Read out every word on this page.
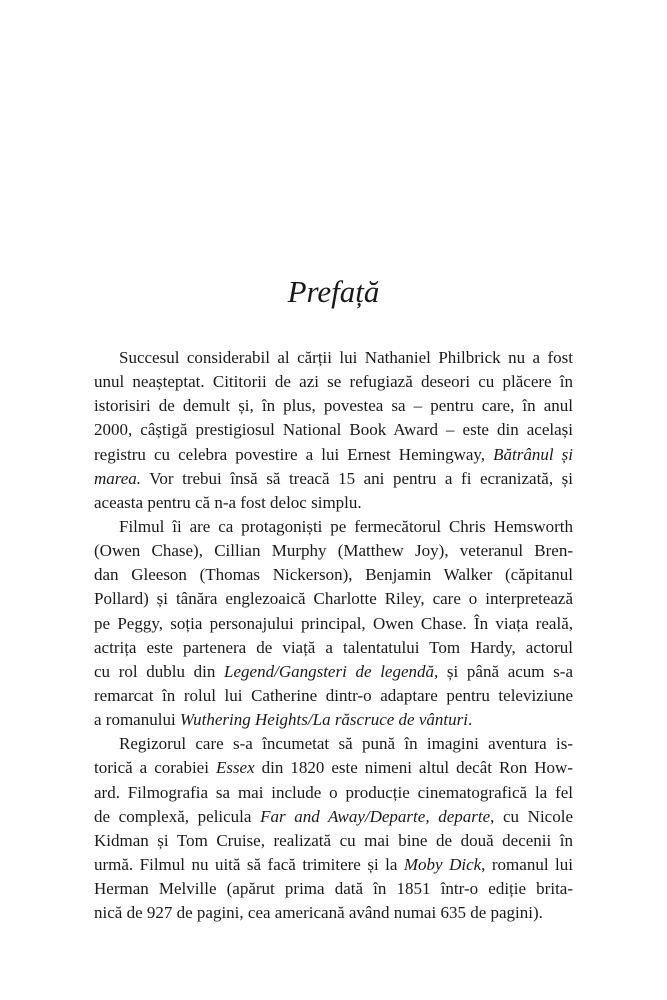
Prefață
Succesul considerabil al cărții lui Nathaniel Philbrick nu a fost
unul neașteptat. Cititorii de azi se refugiază deseori cu plăcere în
istorisiri de demult și, în plus, povestea sa – pentru care, în anul
2000, câștigă prestigiosul National Book Award – este din același
registru cu celebra povestire a lui Ernest Hemingway, Bătrânul și
marea. Vor trebui însă să treacă 15 ani pentru a fi ecranizată, și
aceasta pentru că n-a fost deloc simplu.
Filmul îi are ca protagoniști pe fermecătorul Chris Hemsworth
(Owen Chase), Cillian Murphy (Matthew Joy), veteranul Bren-
dan Gleeson (Thomas Nickerson), Benjamin Walker (căpitanul
Pollard) și tânăra englezoaică Charlotte Riley, care o interpretează
pe Peggy, soția personajului principal, Owen Chase. În viața reală,
actrița este partenera de viață a talentatului Tom Hardy, actorul
cu rol dublu din Legend/Gangsteri de legendă, și până acum s-a
remarcat în rolul lui Catherine dintr-o adaptare pentru televiziune
a romanului Wuthering Heights/La răscruce de vânturi.
Regizorul care s-a încumetat să pună în imagini aventura is-
torică a corabiei Essex din 1820 este nimeni altul decât Ron How-
ard. Filmografia sa mai include o producție cinematografică la fel
de complexă, pelicula Far and Away/Departe, departe, cu Nicole
Kidman și Tom Cruise, realizată cu mai bine de două decenii în
urmă. Filmul nu uită să facă trimitere și la Moby Dick, romanul lui
Herman Melville (apărut prima dată în 1851 într-o ediție brita-
nică de 927 de pagini, cea americană având numai 635 de pagini).
